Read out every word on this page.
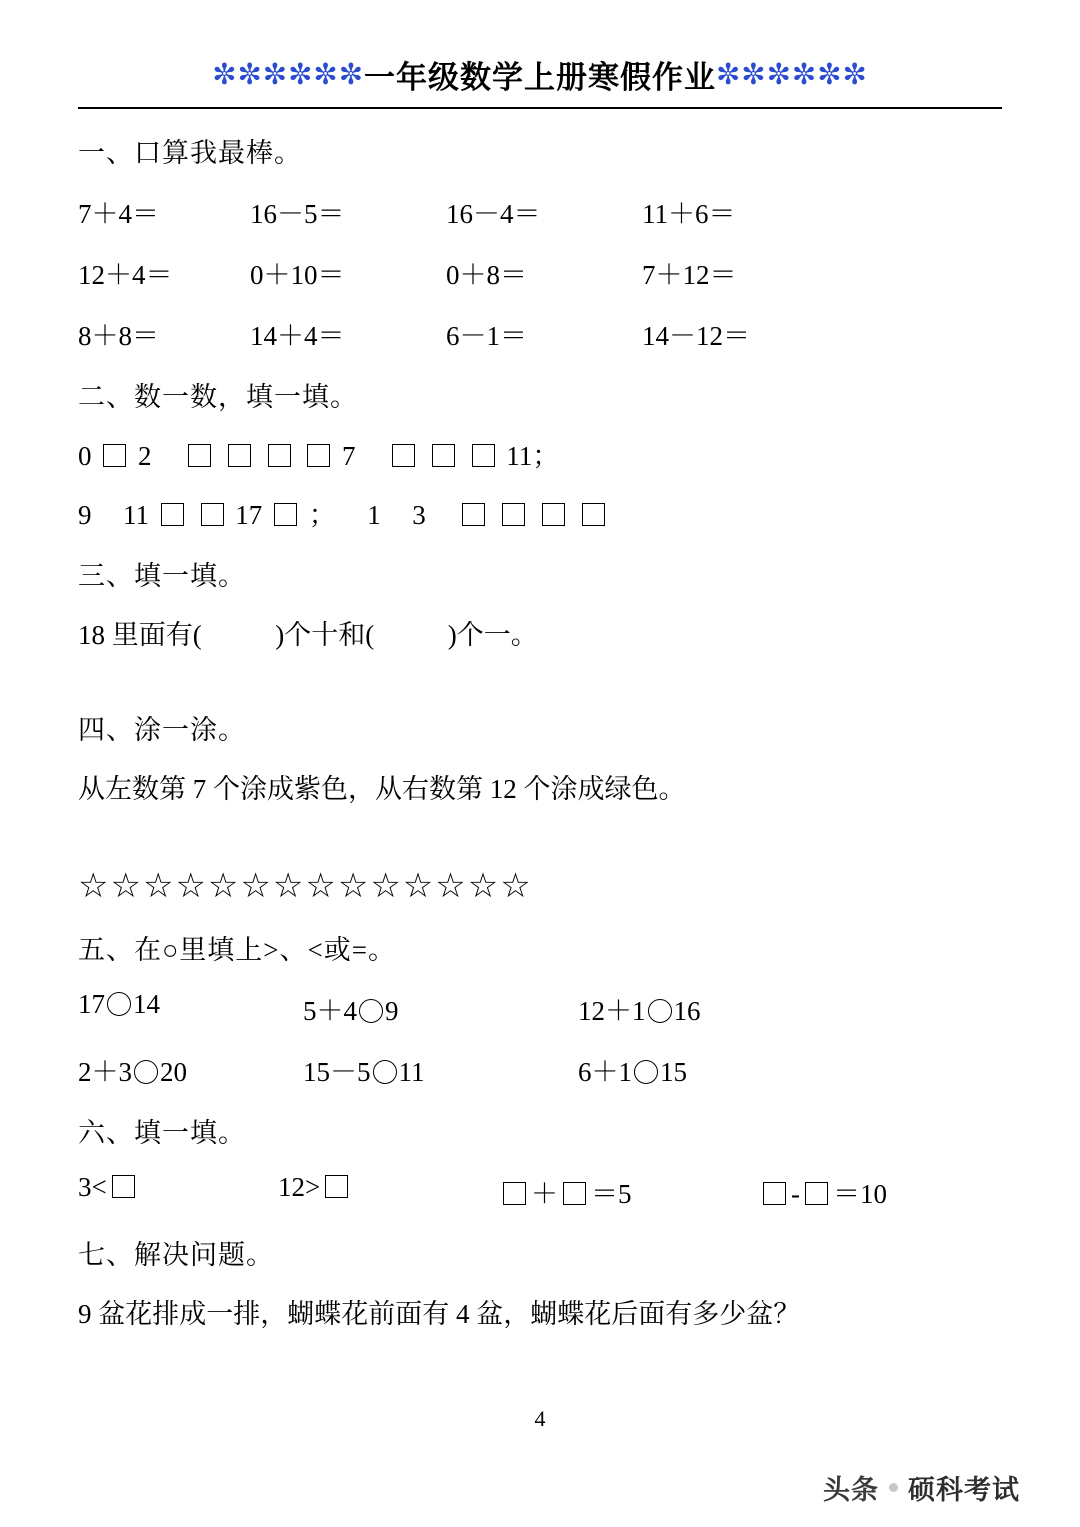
✼✼✼✼✼✼一年级数学上册寒假作业✼✼✼✼✼✼
一、口算我最棒。
7＋4＝	16－5＝	16－4＝	11＋6＝
12＋4＝	0＋10＝	0＋8＝	7＋12＝
8＋8＝	14＋4＝	6－1＝	14－12＝
二、数一数，填一填。
0 2	7	11；
9 11	17 ； 1 3
三、填一填。
18 里面有(	)个十和(	)个一。
四、涂一涂。
从左数第 7 个涂成紫色，从右数第 12 个涂成绿色。
☆☆☆☆☆☆☆☆☆☆☆☆☆☆
五、在○里填上>、<或=。
17 14	5＋4 9	12＋1 16
2＋3 20	15－5 11	6＋1 15
六、填一填。
3<	12>	＋ ＝5	- ＝10
七、解决问题。
9 盆花排成一排，蝴蝶花前面有 4 盆，蝴蝶花后面有多少盆？
4
头条 硕科考试
